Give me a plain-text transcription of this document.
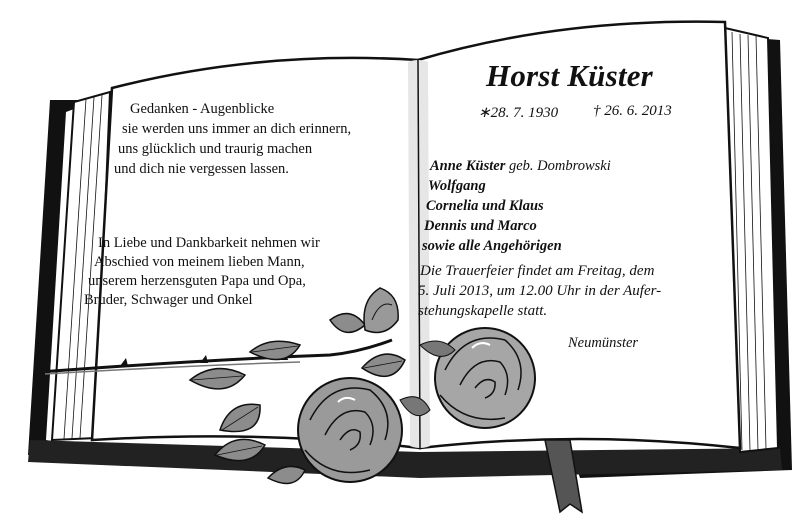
Gedanken - Augenblicke
sie werden uns immer an dich erinnern,
uns glücklich und traurig machen
und dich nie vergessen lassen.
In Liebe und Dankbarkeit nehmen wir
Abschied von meinem lieben Mann,
unserem herzensguten Papa und Opa,
Bruder, Schwager und Onkel
Horst Küster
∗28. 7. 1930 † 26. 6. 2013
Anne Küster geb. Dombrowski
Wolfgang
Cornelia und Klaus
Dennis und Marco
sowie alle Angehörigen
Die Trauerfeier findet am Freitag, dem
5. Juli 2013, um 12.00 Uhr in der Aufer-
stehungskapelle statt.
Neumünster
